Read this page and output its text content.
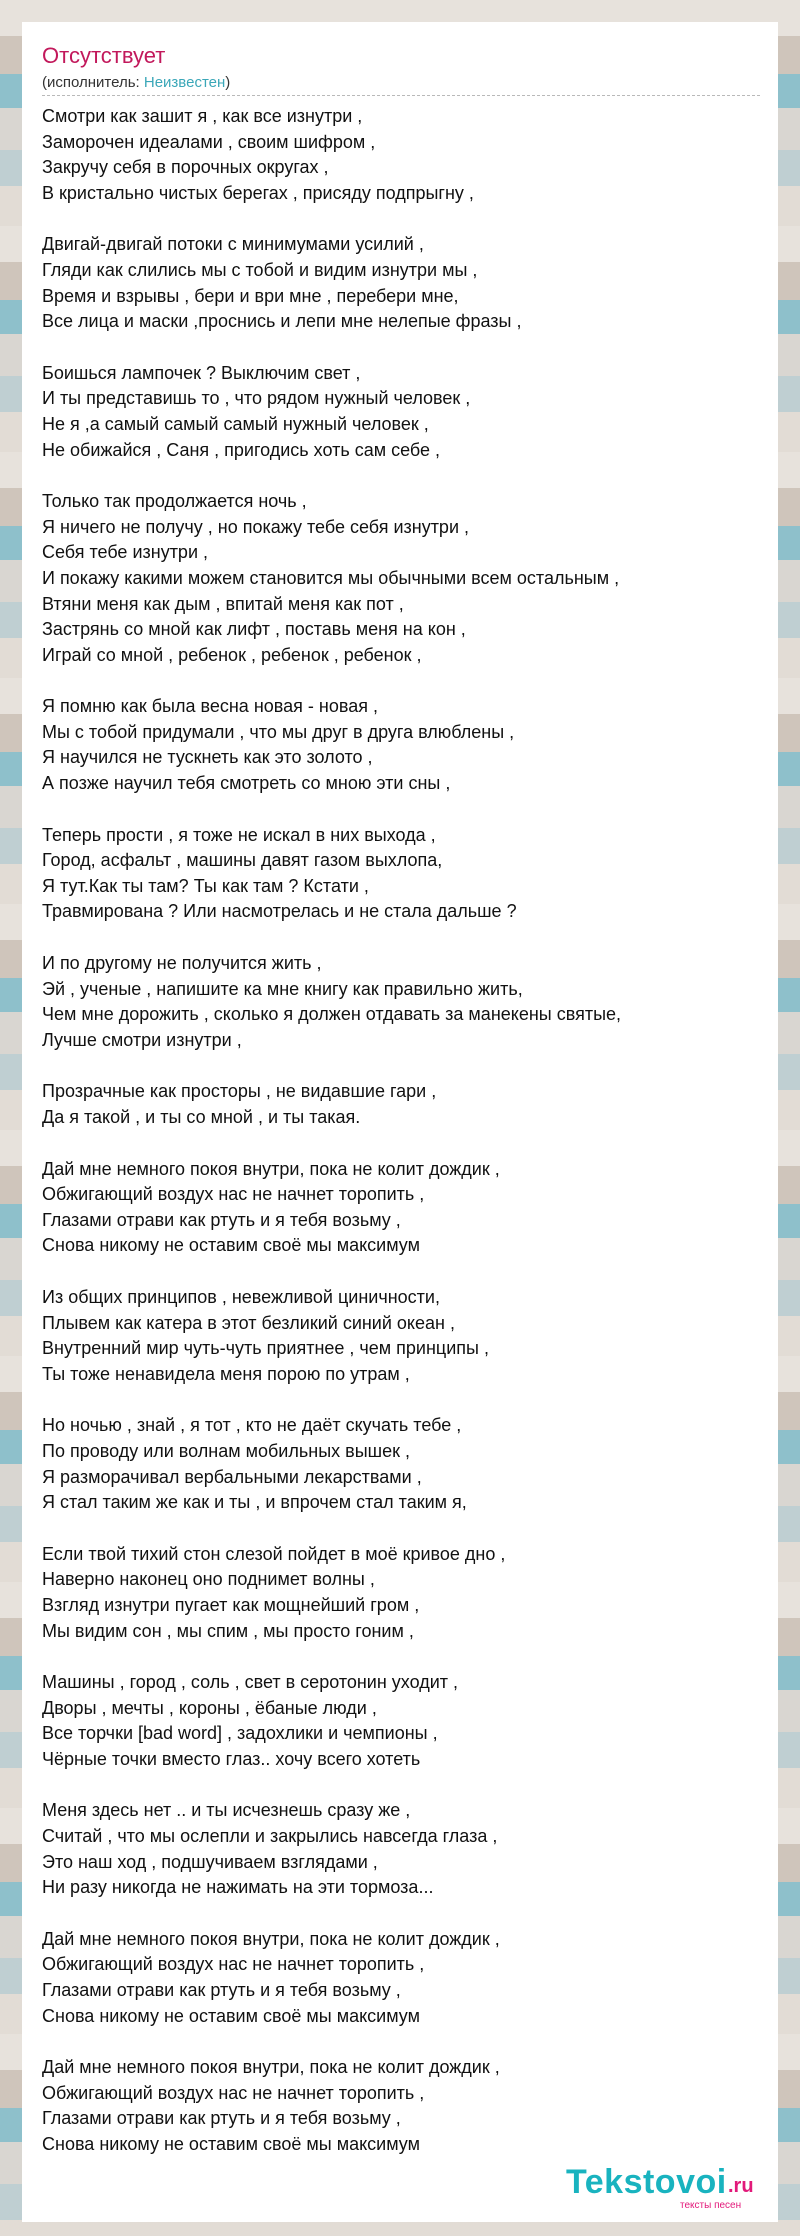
Отсутствует
(исполнитель: Неизвестен)
Смотри как зашит я , как все изнутри ,
Заморочен идеалами , своим шифром ,
Закручу себя в порочных округах ,
В кристально чистых берегах , присяду подпрыгну ,
Двигай-двигай потоки с минимумами усилий ,
Гляди как слились мы с тобой и видим изнутри мы ,
Время и взрывы , бери и ври мне , перебери мне,
Все лица и маски ,проснись и лепи мне нелепые фразы ,
Боишься лампочек ? Выключим свет ,
И ты представишь то , что рядом нужный человек ,
Не я ,а самый самый самый нужный человек ,
Не обижайся , Саня , пригодись хоть сам себе ,
Только так продолжается ночь ,
Я ничего не получу , но покажу тебе себя изнутри ,
Себя тебе изнутри ,
И покажу какими можем становится мы обычными всем остальным ,
Втяни меня как дым , впитай меня как пот ,
Застрянь со мной как лифт , поставь меня на кон ,
Играй со мной , ребенок , ребенок , ребенок ,
Я помню как была весна новая - новая ,
Мы с тобой придумали , что мы друг в друга влюблены ,
Я научился не тускнеть как это золото ,
А позже научил тебя смотреть со мною эти сны ,
Теперь прости , я тоже не искал в них выхода ,
Город, асфальт , машины давят газом выхлопа,
Я тут.Как ты там? Ты как там ? Кстати ,
Травмирована ? Или насмотрелась и не стала дальше ?
И по другому не получится жить ,
Эй , ученые , напишите ка мне книгу как правильно жить,
Чем мне дорожить , сколько я должен отдавать за манекены святые,
Лучше смотри изнутри ,
Прозрачные как просторы , не видавшие гари ,
Да я такой , и ты со мной , и ты такая.
Дай мне немного покоя внутри, пока не колит дождик ,
Обжигающий воздух нас не начнет торопить ,
Глазами отрави как ртуть и я тебя возьму ,
Снова никому не оставим своё мы максимум
Из общих принципов , невежливой циничности,
Плывем как катера в этот безликий синий океан ,
Внутренний мир чуть-чуть приятнее , чем принципы ,
Ты тоже ненавидела меня порою по утрам ,
Но ночью , знай , я тот , кто не даёт скучать тебе ,
По проводу или волнам мобильных вышек ,
Я разморачивал вербальными лекарствами ,
Я стал таким же как и ты , и впрочем стал таким я,
Если твой тихий стон слезой пойдет в моё кривое дно ,
Наверно наконец оно поднимет волны ,
Взгляд изнутри пугает как мощнейший гром ,
Мы видим сон , мы спим , мы просто гоним ,
Машины , город , соль , свет в серотонин уходит ,
Дворы , мечты , короны , ёбаные люди ,
Все торчки [bad word] , задохлики и чемпионы ,
Чёрные точки вместо глаз.. хочу всего хотеть
Меня здесь нет .. и ты исчезнешь сразу же ,
Считай , что мы ослепли и закрылись навсегда глаза ,
Это наш ход , подшучиваем взглядами ,
Ни разу никогда не нажимать на эти тормоза...
Дай мне немного покоя внутри, пока не колит дождик ,
Обжигающий воздух нас не начнет торопить ,
Глазами отрави как ртуть и я тебя возьму ,
Снова никому не оставим своё мы максимум
Дай мне немного покоя внутри, пока не колит дождик ,
Обжигающий воздух нас не начнет торопить ,
Глазами отрави как ртуть и я тебя возьму ,
Снова никому не оставим своё мы максимум
Tekstovoi .ru
тексты песен
